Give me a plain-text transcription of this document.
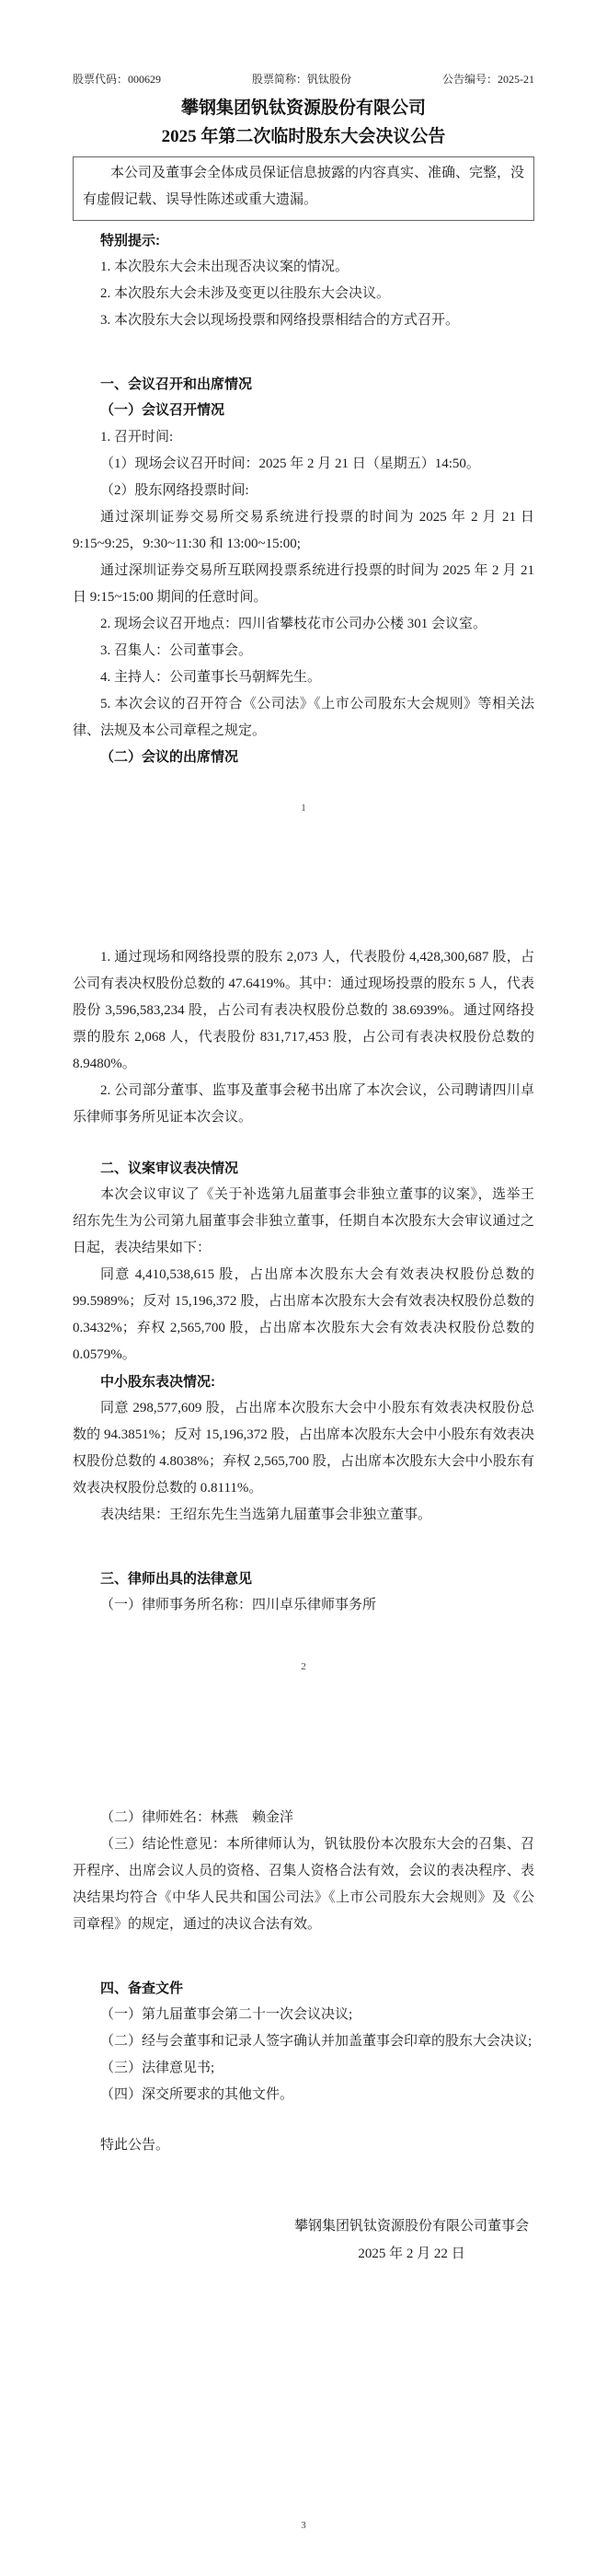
股票代码：000629	股票简称：钒钛股份	公告编号：2025-21
攀钢集团钒钛资源股份有限公司
2025 年第二次临时股东大会决议公告

本公司及董事会全体成员保证信息披露的内容真实、准确、完整，没有虚假记载、误导性陈述或重大遗漏。

特别提示:

1. 本次股东大会未出现否决议案的情况。

2. 本次股东大会未涉及变更以往股东大会决议。

3. 本次股东大会以现场投票和网络投票相结合的方式召开。

一、会议召开和出席情况

（一）会议召开情况

1. 召开时间:

（1）现场会议召开时间：2025 年 2 月 21 日（星期五）14:50。

（2）股东网络投票时间:

通过深圳证券交易所交易系统进行投票的时间为 2025 年 2 月 21 日 9:15~9:25，9:30~11:30 和 13:00~15:00;

通过深圳证券交易所互联网投票系统进行投票的时间为 2025 年 2 月 21 日 9:15~15:00 期间的任意时间。

2. 现场会议召开地点：四川省攀枝花市公司办公楼 301 会议室。

3. 召集人：公司董事会。

4. 主持人：公司董事长马朝辉先生。

5. 本次会议的召开符合《公司法》《上市公司股东大会规则》等相关法律、法规及本公司章程之规定。

（二）会议的出席情况

1

1. 通过现场和网络投票的股东 2,073 人，代表股份 4,428,300,687 股，占公司有表决权股份总数的 47.6419%。其中：通过现场投票的股东 5 人，代表股份 3,596,583,234 股，占公司有表决权股份总数的 38.6939%。通过网络投票的股东 2,068 人，代表股份 831,717,453 股，占公司有表决权股份总数的 8.9480%。

2. 公司部分董事、监事及董事会秘书出席了本次会议，公司聘请四川卓乐律师事务所见证本次会议。

二、议案审议表决情况

本次会议审议了《关于补选第九届董事会非独立董事的议案》，选举王绍东先生为公司第九届董事会非独立董事，任期自本次股东大会审议通过之日起，表决结果如下：

同意 4,410,538,615 股，占出席本次股东大会有效表决权股份总数的 99.5989%；反对 15,196,372 股，占出席本次股东大会有效表决权股份总数的 0.3432%；弃权 2,565,700 股，占出席本次股东大会有效表决权股份总数的 0.0579%。

中小股东表决情况:

同意 298,577,609 股，占出席本次股东大会中小股东有效表决权股份总数的 94.3851%；反对 15,196,372 股，占出席本次股东大会中小股东有效表决权股份总数的 4.8038%；弃权 2,565,700 股，占出席本次股东大会中小股东有效表决权股份总数的 0.8111%。

表决结果：王绍东先生当选第九届董事会非独立董事。

三、律师出具的法律意见

（一）律师事务所名称：四川卓乐律师事务所

2

（二）律师姓名：林燕　赖金洋

（三）结论性意见：本所律师认为，钒钛股份本次股东大会的召集、召开程序、出席会议人员的资格、召集人资格合法有效，会议的表决程序、表决结果均符合《中华人民共和国公司法》《上市公司股东大会规则》及《公司章程》的规定，通过的决议合法有效。

四、备查文件

（一）第九届董事会第二十一次会议决议;

（二）经与会董事和记录人签字确认并加盖董事会印章的股东大会决议;

（三）法律意见书;

（四）深交所要求的其他文件。

特此公告。

攀钢集团钒钛资源股份有限公司董事会

2025 年 2 月 22 日

3
